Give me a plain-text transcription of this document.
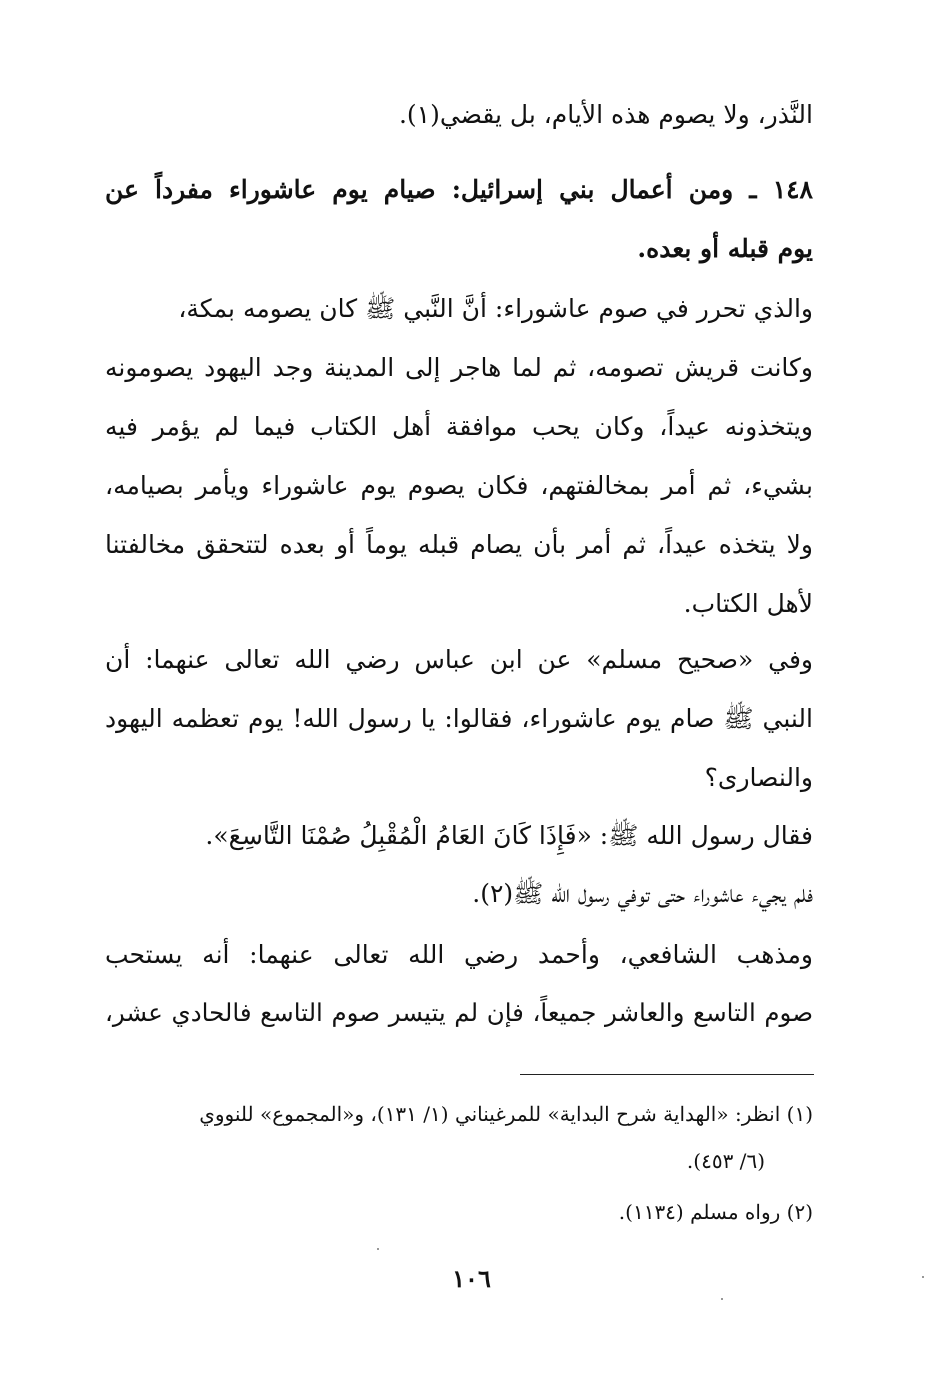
النَّذر، ولا يصوم هذه الأيام، بل يقضي(١).
١٤٨ ـ ومن أعمال بني إسرائيل: صيام يوم عاشوراء مفرداً عن
يوم قبله أو بعده.
والذي تحرر في صوم عاشوراء: أنَّ النَّبي ﷺ كان يصومه بمكة،
وكانت قريش تصومه، ثم لما هاجر إلى المدينة وجد اليهود يصومونه
ويتخذونه عيداً، وكان يحب موافقة أهل الكتاب فيما لم يؤمر فيه
بشيء، ثم أمر بمخالفتهم، فكان يصوم يوم عاشوراء ويأمر بصيامه،
ولا يتخذه عيداً، ثم أمر بأن يصام قبله يوماً أو بعده لتتحقق مخالفتنا
لأهل الكتاب.
وفي «صحيح مسلم» عن ابن عباس رضي الله تعالى عنهما: أن
النبي ﷺ صام يوم عاشوراء، فقالوا: يا رسول الله! يوم تعظمه اليهود
والنصارى؟
فقال رسول الله ﷺ: «فَإِذَا كَانَ العَامُ الْمُقْبِلُ صُمْنَا التَّاسِعَ».
فلم يجيء عاشوراء حتى توفي رسول الله ﷺ(٢).
ومذهب الشافعي، وأحمد رضي الله تعالى عنهما: أنه يستحب
صوم التاسع والعاشر جميعاً، فإن لم يتيسر صوم التاسع فالحادي عشر،
(١) انظر: «الهداية شرح البداية» للمرغيناني (١/ ١٣١)، و«المجموع» للنووي
(٦/ ٤٥٣).
(٢) رواه مسلم (١١٣٤).
١٠٦
